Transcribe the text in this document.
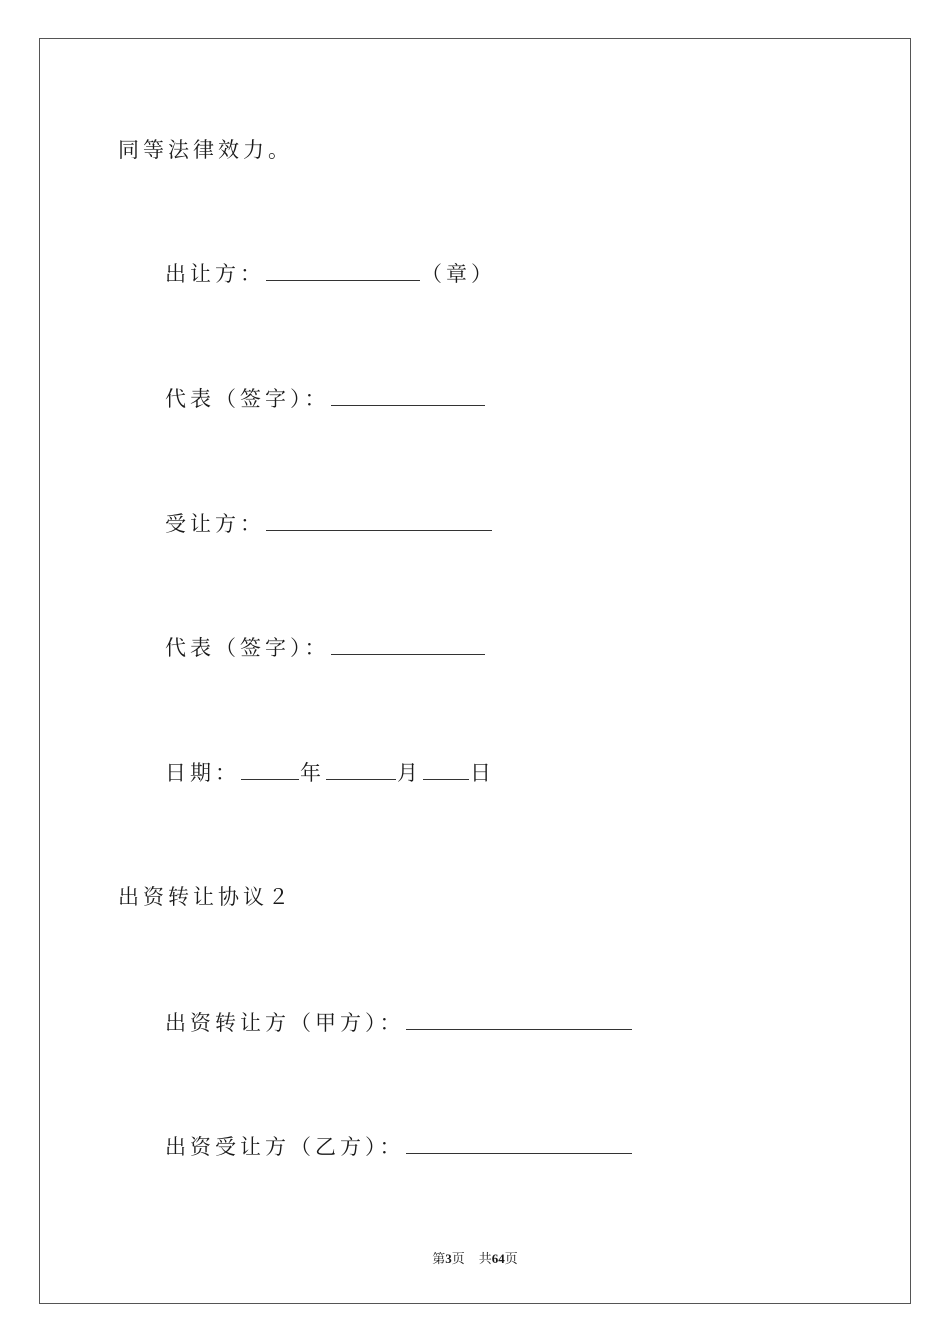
同等法律效力。
出让方：	（章）
代表（签字）：
受让方：
代表（签字）：
日期：	年	月 日
出资转让协议２
出资转让方（甲方）：
出资受让方（乙方）：
第3页 共64页
